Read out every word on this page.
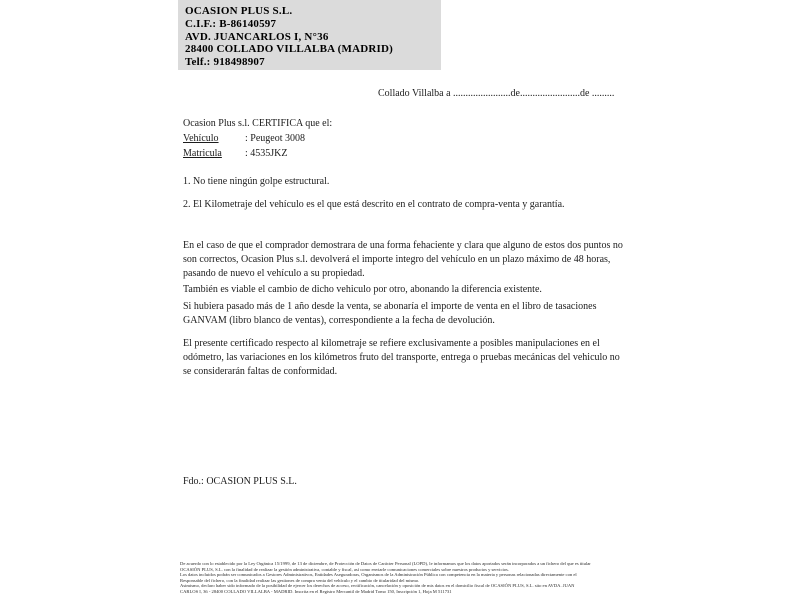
OCASION PLUS S.L.
C.I.F.: B-86140597
AVD. JUANCARLOS I, N°36
28400 COLLADO VILLALBA (MADRID)
Telf.: 918498907
Collado Villalba a .......................de........................de .........
Ocasion Plus s.l. CERTIFICA que el:
Vehículo	: Peugeot 3008
Matricula : 4535JKZ
1. No tiene ningún golpe estructural.
2. El Kilometraje del vehículo es el que está descrito en el contrato de compra-venta y garantía.
En el caso de que el comprador demostrara de una forma fehaciente y clara que alguno de estos dos puntos no
son correctos, Ocasion Plus s.l. devolverá el importe integro del vehículo en un plazo máximo de 48 horas,
pasando de nuevo el vehículo a su propiedad.
También es viable el cambio de dicho vehiculo por otro, abonando la diferencia existente.
Si hubiera pasado más de 1 año desde la venta, se abonaría el importe de venta en el libro de tasaciones
GANVAM (libro blanco de ventas), correspondiente a la fecha de devolución.
El presente certificado respecto al kilometraje se refiere exclusivamente a posibles manipulaciones en el
odómetro, las variaciones en los kilómetros fruto del transporte, entrega o pruebas mecánicas del vehiculo no
se considerarán faltas de conformidad.
Fdo.: OCASION PLUS S.L.
De acuerdo con lo establecido por la Ley Orgánica 15/1999, de 13 de diciembre, de Protección de Datos de Carácter Personal (LOPD), le informamos que los datos aportados serán incorporados a un fichero del que es titular
OCASIÓN PLUS, S.L. con la finalidad de realizar la gestión administrativa, contable y fiscal, así como enviarle comunicaciones comerciales sobre nuestros productos y servicios.
Los datos incluidos podrán ser comunicados a Gestores Administrativos, Entidades Aseguradoras, Organismos de la Administración Pública con competencia en la materia y personas relacionadas directamente con el
Responsable del fichero, con la finalidad realizar las gestiones de compra venta del vehículo y el cambio de titularidad del mismo.
Asimismo, declaro haber sido informado de la posibilidad de ejercer los derechos de acceso, rectificación, cancelación y oposición de mis datos en el domicilio fiscal de OCASIÓN PLUS, S.L. sito en AVDA. JUAN
CARLOS I, 36 - 28400 COLLADO VILLALBA - MADRID. Inscrita en el Registro Mercantil de Madrid Tomo 150, Inscripción 1, Hoja M 511731
